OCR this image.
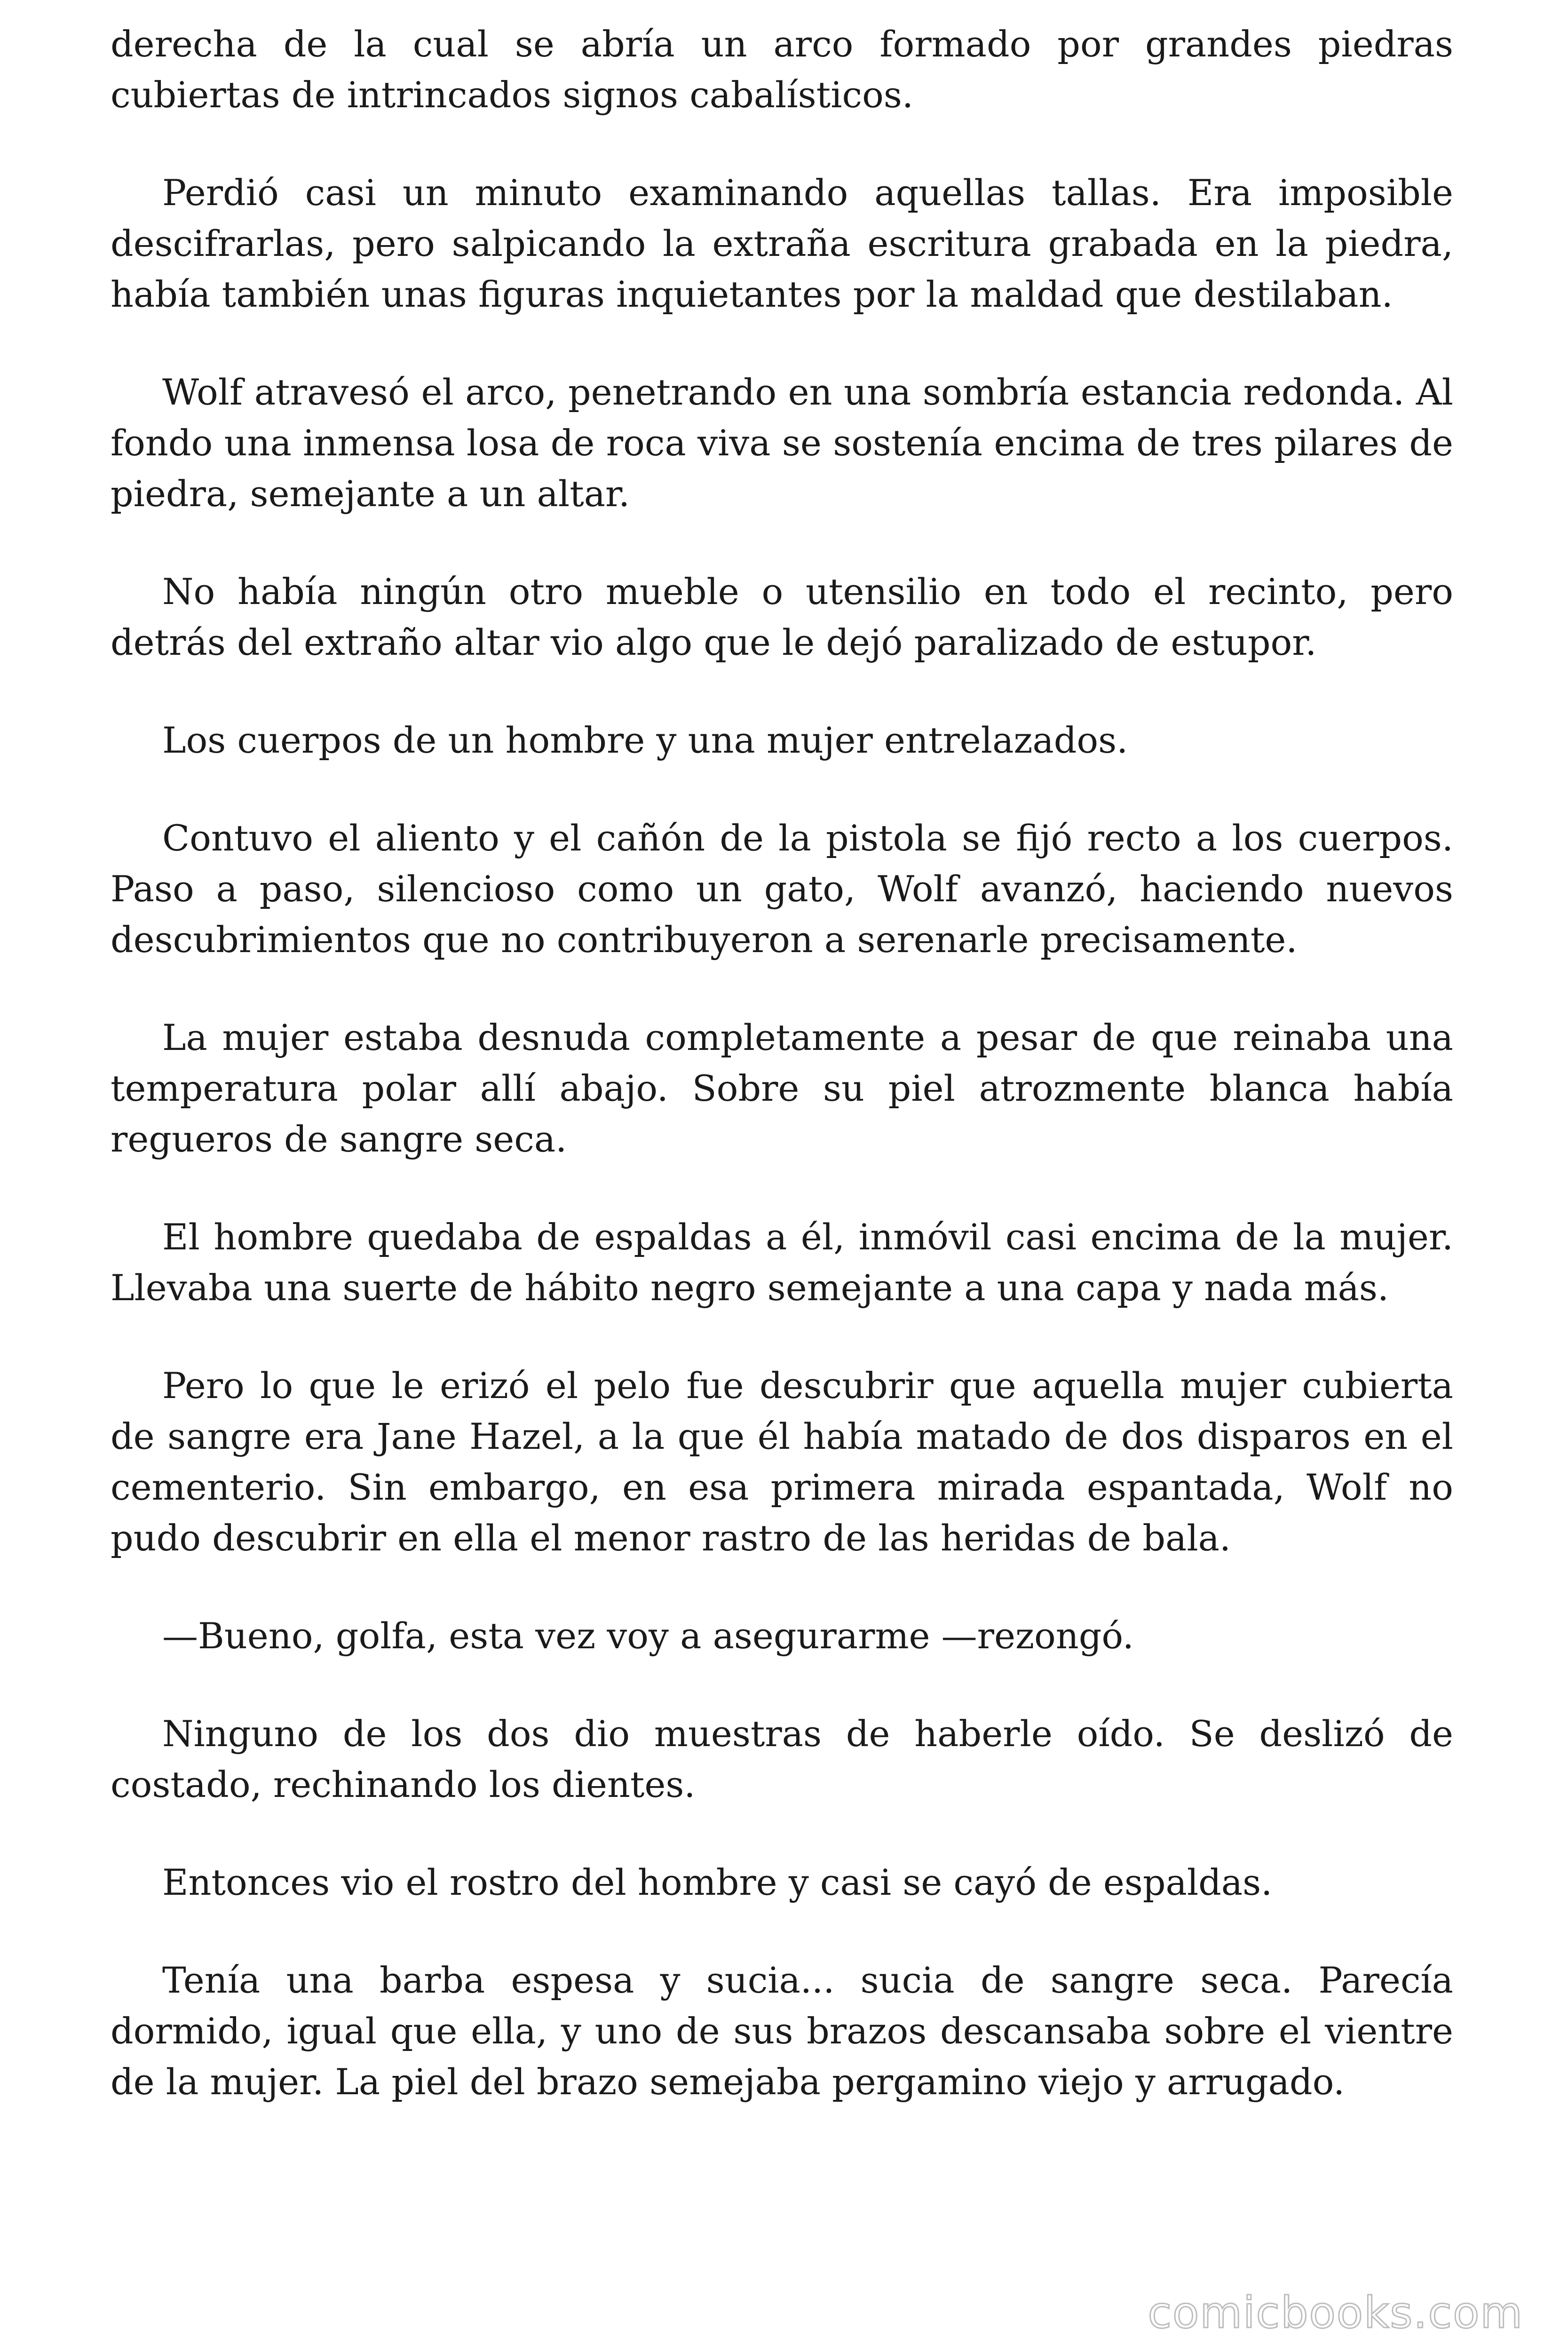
derecha de la cual se abría un arco formado por grandes piedras cubiertas de intrincados signos cabalísticos.

Perdió casi un minuto examinando aquellas tallas. Era imposible descifrarlas, pero salpicando la extraña escritura grabada en la piedra, había también unas figuras inquietantes por la maldad que destilaban.

Wolf atravesó el arco, penetrando en una sombría estancia redonda. Al fondo una inmensa losa de roca viva se sostenía encima de tres pilares de piedra, semejante a un altar.

No había ningún otro mueble o utensilio en todo el recinto, pero detrás del extraño altar vio algo que le dejó paralizado de estupor.

Los cuerpos de un hombre y una mujer entrelazados.

Contuvo el aliento y el cañón de la pistola se fijó recto a los cuerpos. Paso a paso, silencioso como un gato, Wolf avanzó, haciendo nuevos descubrimientos que no contribuyeron a serenarle precisamente.

La mujer estaba desnuda completamente a pesar de que reinaba una temperatura polar allí abajo. Sobre su piel atrozmente blanca había regueros de sangre seca.

El hombre quedaba de espaldas a él, inmóvil casi encima de la mujer. Llevaba una suerte de hábito negro semejante a una capa y nada más.

Pero lo que le erizó el pelo fue descubrir que aquella mujer cubierta de sangre era Jane Hazel, a la que él había matado de dos disparos en el cementerio. Sin embargo, en esa primera mirada espantada, Wolf no pudo descubrir en ella el menor rastro de las heridas de bala.

—Bueno, golfa, esta vez voy a asegurarme —rezongó.

Ninguno de los dos dio muestras de haberle oído. Se deslizó de costado, rechinando los dientes.

Entonces vio el rostro del hombre y casi se cayó de espaldas.

Tenía una barba espesa y sucia... sucia de sangre seca. Parecía dormido, igual que ella, y uno de sus brazos descansaba sobre el vientre de la mujer. La piel del brazo semejaba pergamino viejo y arrugado.

comicbooks.com
